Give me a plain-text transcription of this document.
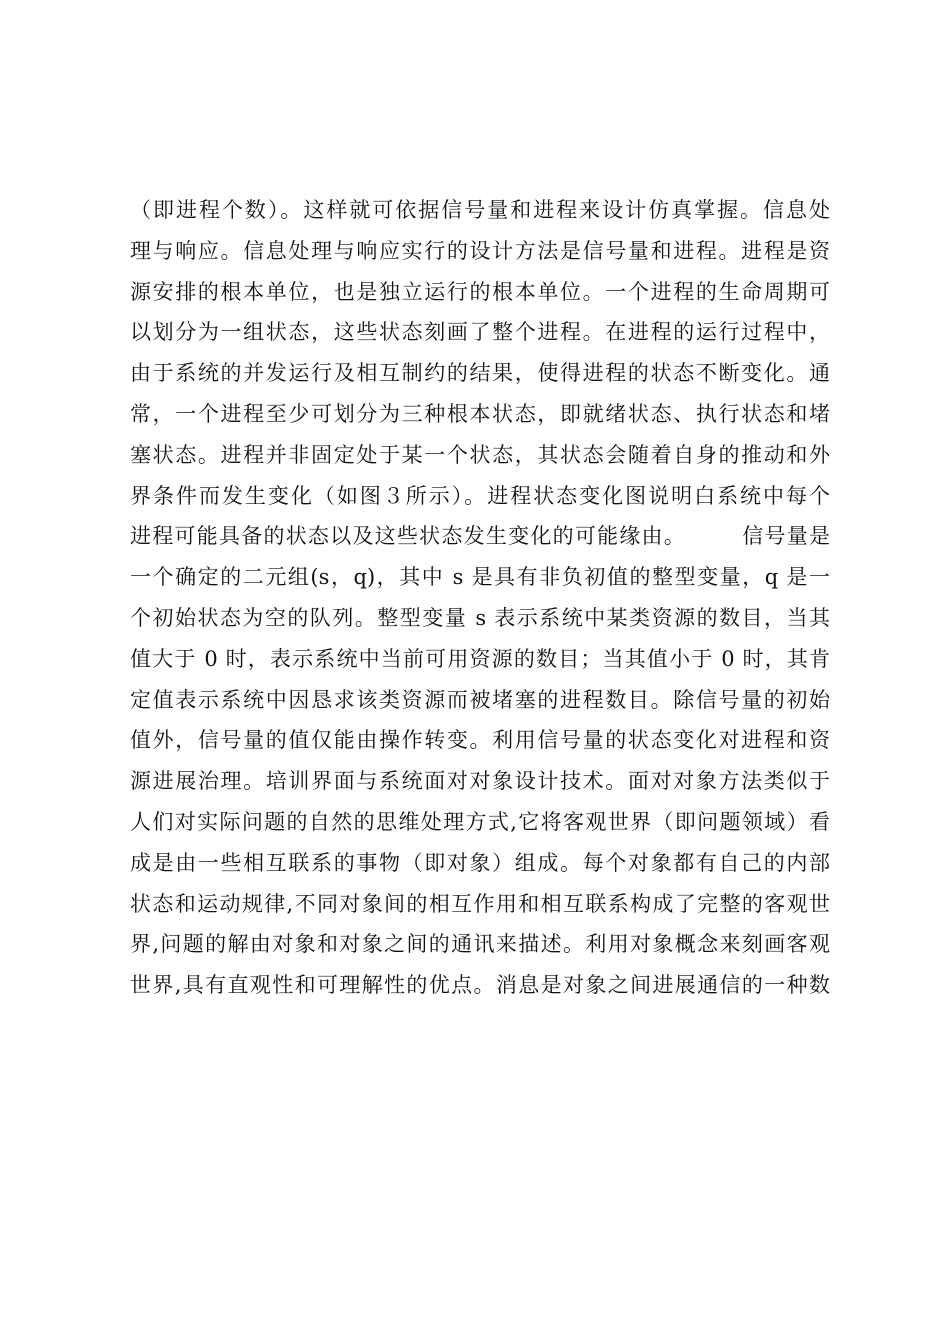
（即进程个数）。这样就可依据信号量和进程来设计仿真掌握。信息处
理与响应。信息处理与响应实行的设计方法是信号量和进程。进程是资
源安排的根本单位，也是独立运行的根本单位。一个进程的生命周期可
以划分为一组状态，这些状态刻画了整个进程。在进程的运行过程中，
由于系统的并发运行及相互制约的结果，使得进程的状态不断变化。通
常，一个进程至少可划分为三种根本状态，即就绪状态、执行状态和堵
塞状态。进程并非固定处于某一个状态，其状态会随着自身的推动和外
界条件而发生变化（如图３所示）。进程状态变化图说明白系统中每个
进程可能具备的状态以及这些状态发生变化的可能缘由。　　　信号量是
一个确定的二元组(s，q)，其中 s 是具有非负初值的整型变量，q 是一
个初始状态为空的队列。整型变量 s 表示系统中某类资源的数目，当其
值大于 0 时，表示系统中当前可用资源的数目；当其值小于 0 时，其肯
定值表示系统中因恳求该类资源而被堵塞的进程数目。除信号量的初始
值外，信号量的值仅能由操作转变。利用信号量的状态变化对进程和资
源进展治理。培训界面与系统面对对象设计技术。面对对象方法类似于
人们对实际问题的自然的思维处理方式,它将客观世界（即问题领域）看
成是由一些相互联系的事物（即对象）组成。每个对象都有自己的内部
状态和运动规律,不同对象间的相互作用和相互联系构成了完整的客观世
界,问题的解由对象和对象之间的通讯来描述。利用对象概念来刻画客观
世界,具有直观性和可理解性的优点。消息是对象之间进展通信的一种数
